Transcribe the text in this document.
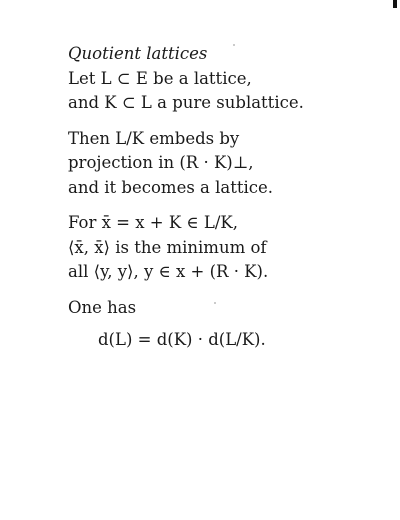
Quotient lattices

Let L ⊂ E be a lattice,

and K ⊂ L a pure sublattice.

Then L/K embeds by

projection in (R · K)⊥,

and it becomes a lattice.

For x̄ = x + K ∈ L/K,

⟨x̄, x̄⟩ is the minimum of

all ⟨y, y⟩, y ∈ x + (R · K).

One has

d(L) = d(K) · d(L/K).
